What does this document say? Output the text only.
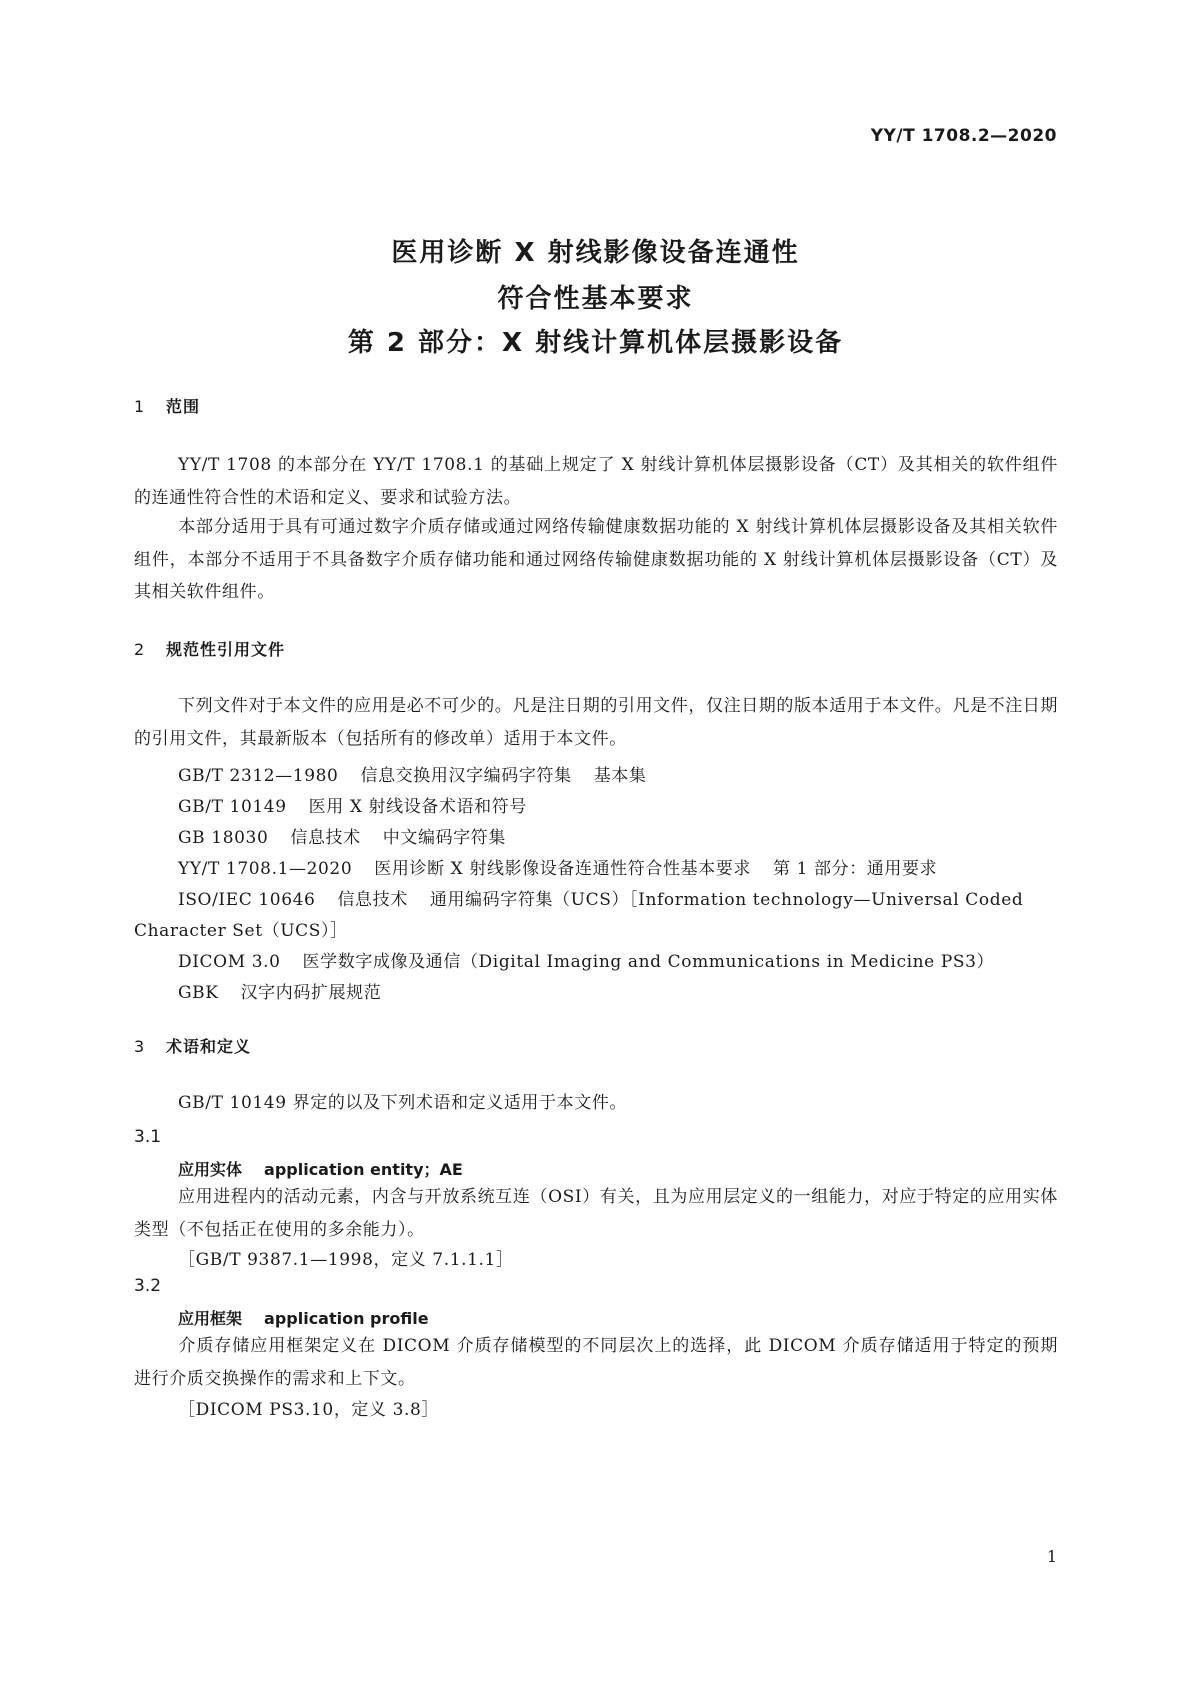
YY/T 1708.2—2020
医用诊断 X 射线影像设备连通性
符合性基本要求
第 2 部分：X 射线计算机体层摄影设备
1 范围
YY/T 1708 的本部分在 YY/T 1708.1 的基础上规定了 X 射线计算机体层摄影设备（CT）及其相关的软件组件的连通性符合性的术语和定义、要求和试验方法。
本部分适用于具有可通过数字介质存储或通过网络传输健康数据功能的 X 射线计算机体层摄影设备及其相关软件组件，本部分不适用于不具备数字介质存储功能和通过网络传输健康数据功能的 X 射线计算机体层摄影设备（CT）及其相关软件组件。
2 规范性引用文件
下列文件对于本文件的应用是必不可少的。凡是注日期的引用文件，仅注日期的版本适用于本文件。凡是不注日期的引用文件，其最新版本（包括所有的修改单）适用于本文件。
GB/T 2312—1980 信息交换用汉字编码字符集 基本集
GB/T 10149 医用 X 射线设备术语和符号
GB 18030 信息技术 中文编码字符集
YY/T 1708.1—2020 医用诊断 X 射线影像设备连通性符合性基本要求 第 1 部分：通用要求
ISO/IEC 10646 信息技术 通用编码字符集（UCS）［Information technology—Universal Coded
Character Set（UCS）］
DICOM 3.0 医学数字成像及通信（Digital Imaging and Communications in Medicine PS3）
GBK 汉字内码扩展规范
3 术语和定义
GB/T 10149 界定的以及下列术语和定义适用于本文件。
3.1
应用实体 application entity；AE
应用进程内的活动元素，内含与开放系统互连（OSI）有关，且为应用层定义的一组能力，对应于特定的应用实体类型（不包括正在使用的多余能力）。
［GB/T 9387.1—1998，定义 7.1.1.1］
3.2
应用框架 application profile
介质存储应用框架定义在 DICOM 介质存储模型的不同层次上的选择，此 DICOM 介质存储适用于特定的预期进行介质交换操作的需求和上下文。
［DICOM PS3.10，定义 3.8］
1
